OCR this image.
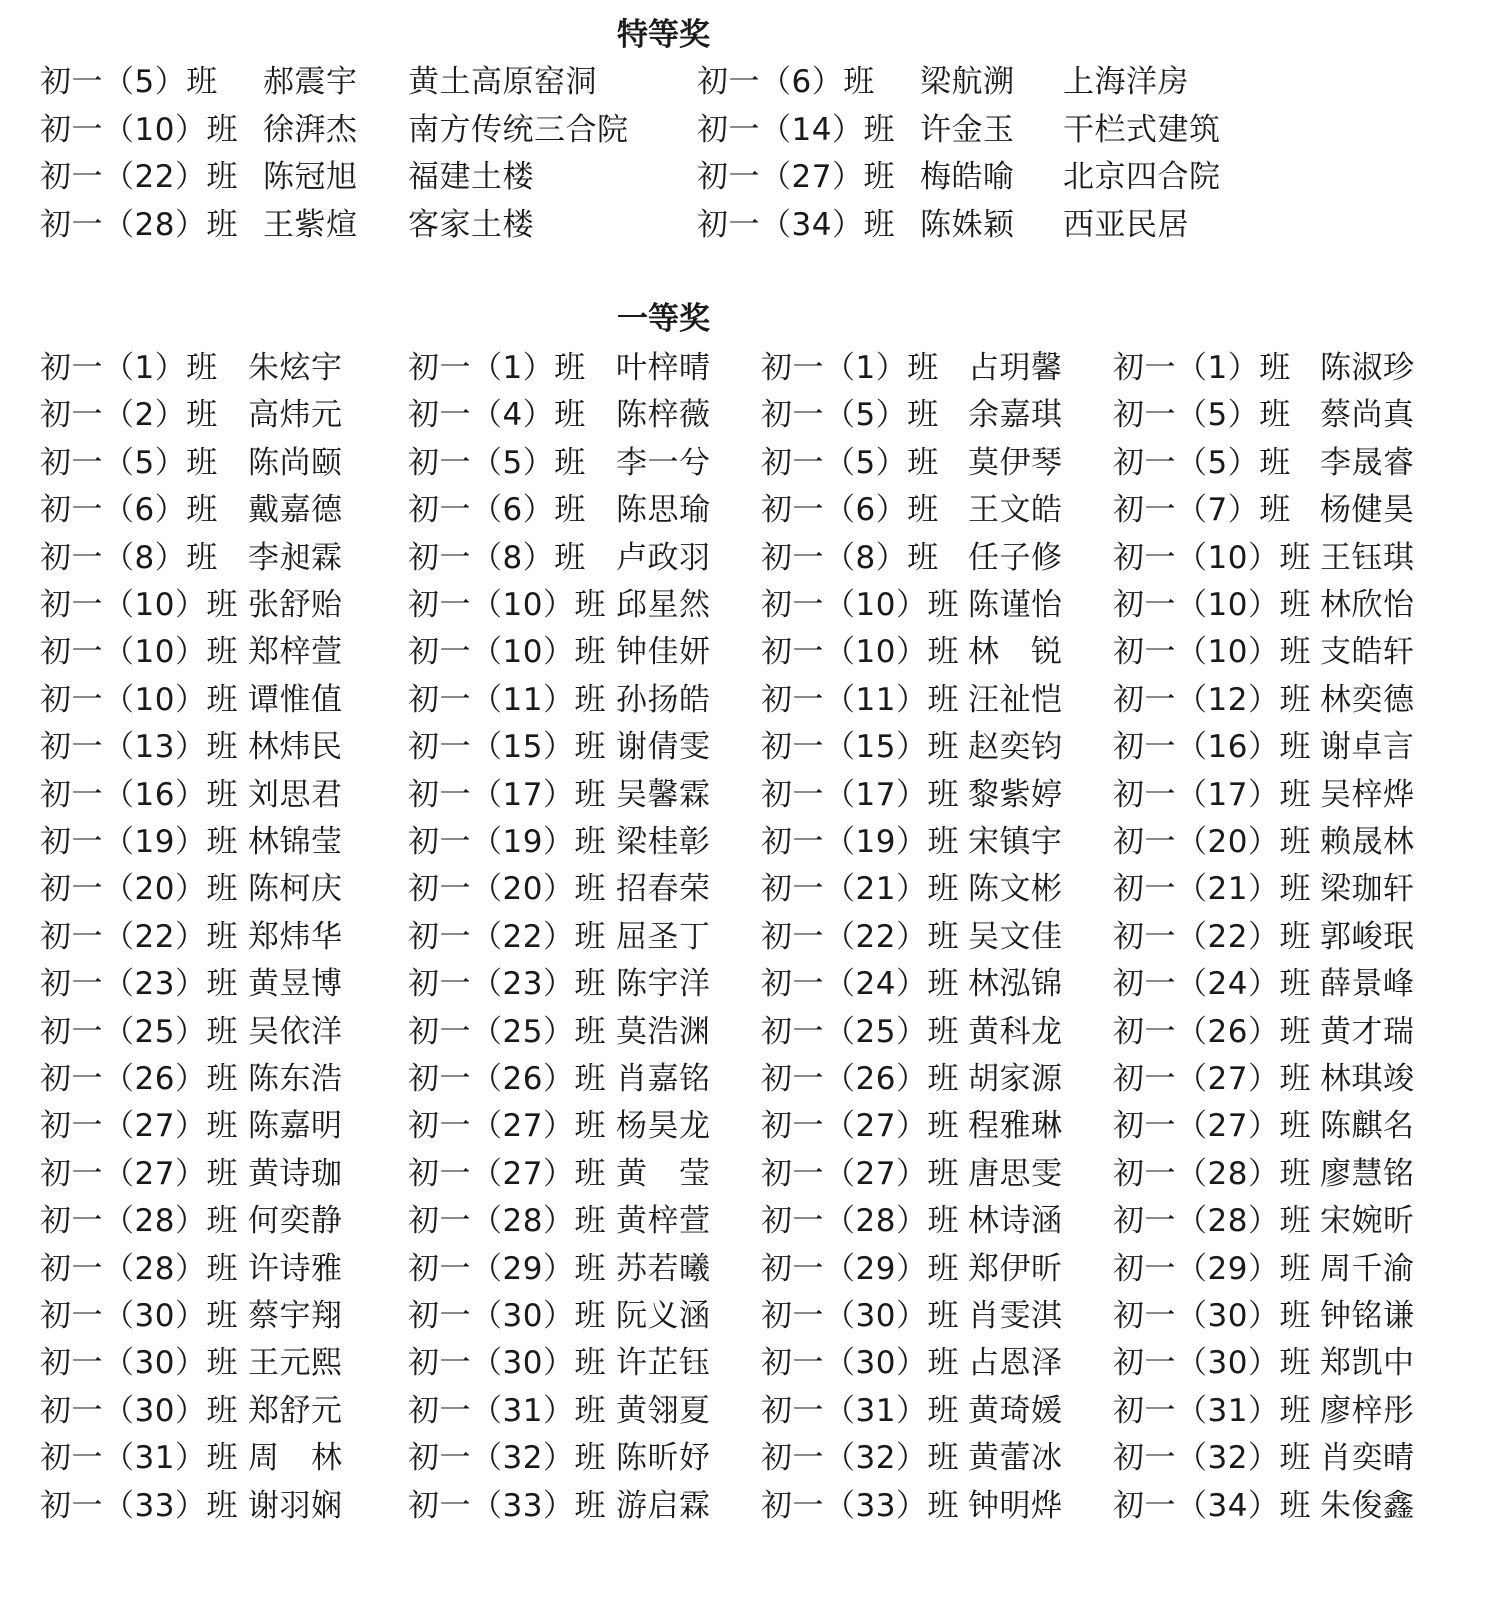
特等奖
初一（5）班 郝震宇 黄土高原窑洞	初一（6）班 梁航溯 上海洋房
初一（10）班 徐湃杰 南方传统三合院 初一（14）班 许金玉 干栏式建筑
初一（22）班 陈冠旭 福建土楼	初一（27）班 梅皓喻 北京四合院
初一（28）班 王紫煊 客家土楼	初一（34）班 陈姝颖 西亚民居
一等奖
初一（1）班 朱炫宇 初一（1）班 叶梓晴 初一（1）班 占玥馨 初一（1）班 陈淑珍
初一（2）班 高炜元 初一（4）班 陈梓薇 初一（5）班 余嘉琪 初一（5）班 蔡尚真
初一（5）班 陈尚颐 初一（5）班 李一兮 初一（5）班 莫伊琴 初一（5）班 李晟睿
初一（6）班 戴嘉德 初一（6）班 陈思瑜 初一（6）班 王文皓 初一（7）班 杨健昊
初一（8）班 李昶霖 初一（8）班 卢政羽 初一（8）班 任子修 初一（10）班 王钰琪
初一（10）班 张舒贻 初一（10）班 邱星然 初一（10）班 陈谨怡 初一（10）班 林欣怡
初一（10）班 郑梓萱 初一（10）班 钟佳妍 初一（10）班 林　锐 初一（10）班 支皓轩
初一（10）班 谭惟值 初一（11）班 孙扬皓 初一（11）班 汪祉恺 初一（12）班 林奕德
初一（13）班 林炜民 初一（15）班 谢倩雯 初一（15）班 赵奕钧 初一（16）班 谢卓言
初一（16）班 刘思君 初一（17）班 吴馨霖 初一（17）班 黎紫婷 初一（17）班 吴梓烨
初一（19）班 林锦莹 初一（19）班 梁桂彰 初一（19）班 宋镇宇 初一（20）班 赖晟林
初一（20）班 陈柯庆 初一（20）班 招春荣 初一（21）班 陈文彬 初一（21）班 梁珈轩
初一（22）班 郑炜华 初一（22）班 屈圣丁 初一（22）班 吴文佳 初一（22）班 郭峻珉
初一（23）班 黄昱博 初一（23）班 陈宇洋 初一（24）班 林泓锦 初一（24）班 薛景峰
初一（25）班 吴依洋 初一（25）班 莫浩渊 初一（25）班 黄科龙 初一（26）班 黄才瑞
初一（26）班 陈东浩 初一（26）班 肖嘉铭 初一（26）班 胡家源 初一（27）班 林琪竣
初一（27）班 陈嘉明 初一（27）班 杨昊龙 初一（27）班 程雅琳 初一（27）班 陈麒名
初一（27）班 黄诗珈 初一（27）班 黄　莹 初一（27）班 唐思雯 初一（28）班 廖慧铭
初一（28）班 何奕静 初一（28）班 黄梓萱 初一（28）班 林诗涵 初一（28）班 宋婉昕
初一（28）班 许诗雅 初一（29）班 苏若曦 初一（29）班 郑伊昕 初一（29）班 周千渝
初一（30）班 蔡宇翔 初一（30）班 阮义涵 初一（30）班 肖雯淇 初一（30）班 钟铭谦
初一（30）班 王元熙 初一（30）班 许芷钰 初一（30）班 占恩泽 初一（30）班 郑凯中
初一（30）班 郑舒元 初一（31）班 黄翎夏 初一（31）班 黄琦媛 初一（31）班 廖梓彤
初一（31）班 周　林 初一（32）班 陈昕妤 初一（32）班 黄蕾冰 初一（32）班 肖奕晴
初一（33）班 谢羽娴 初一（33）班 游启霖 初一（33）班 钟明烨 初一（34）班 朱俊鑫
